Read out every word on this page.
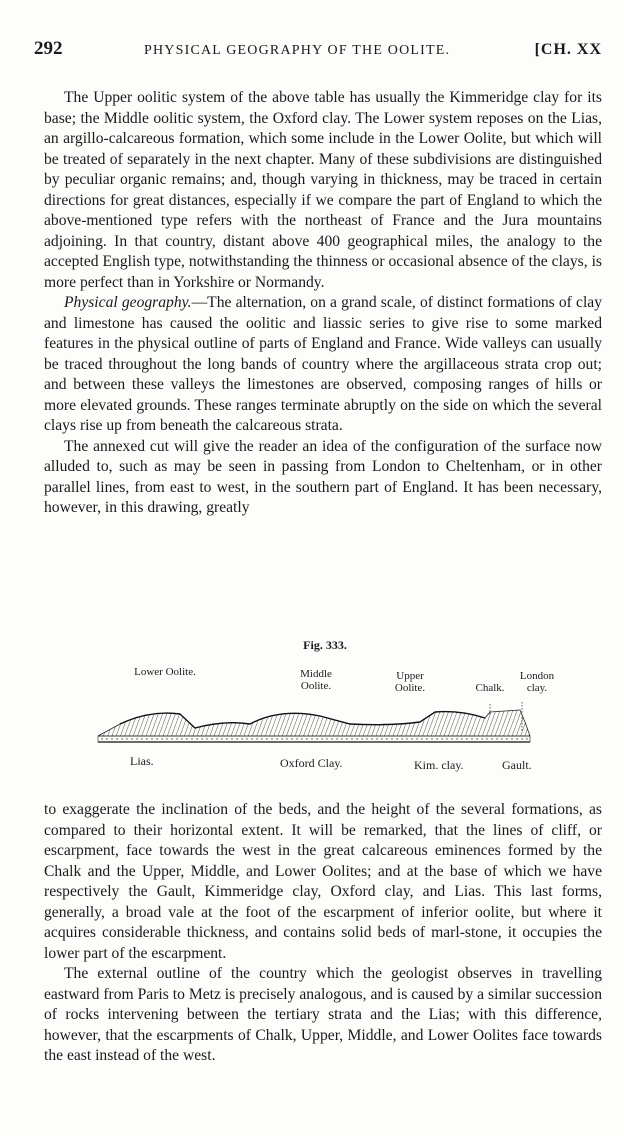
292	PHYSICAL GEOGRAPHY OF THE OOLITE.	[CH. XX

The Upper oolitic system of the above table has usually the Kimmeridge clay for its base; the Middle oolitic system, the Oxford clay. The Lower system reposes on the Lias, an argillo-calcareous formation, which some include in the Lower Oolite, but which will be treated of separately in the next chapter. Many of these subdivisions are distinguished by peculiar organic remains; and, though varying in thickness, may be traced in certain directions for great distances, especially if we compare the part of England to which the above-mentioned type refers with the northeast of France and the Jura mountains adjoining. In that country, distant above 400 geographical miles, the analogy to the accepted English type, notwithstanding the thinness or occasional absence of the clays, is more perfect than in Yorkshire or Normandy.

Physical geography.—The alternation, on a grand scale, of distinct formations of clay and limestone has caused the oolitic and liassic series to give rise to some marked features in the physical outline of parts of England and France. Wide valleys can usually be traced throughout the long bands of country where the argillaceous strata crop out; and between these valleys the limestones are observed, composing ranges of hills or more elevated grounds. These ranges terminate abruptly on the side on which the several clays rise up from beneath the calcareous strata.

The annexed cut will give the reader an idea of the configuration of the surface now alluded to, such as may be seen in passing from London to Cheltenham, or in other parallel lines, from east to west, in the southern part of England. It has been necessary, however, in this drawing, greatly

Fig. 333.
Lower Oolite.	Middle Oolite.
Upper Oolite.	Chalk.
London clay.
Lias.	Oxford Clay.	Kim. clay.	Gault.

to exaggerate the inclination of the beds, and the height of the several formations, as compared to their horizontal extent. It will be remarked, that the lines of cliff, or escarpment, face towards the west in the great calcareous eminences formed by the Chalk and the Upper, Middle, and Lower Oolites; and at the base of which we have respectively the Gault, Kimmeridge clay, Oxford clay, and Lias. This last forms, generally, a broad vale at the foot of the escarpment of inferior oolite, but where it acquires considerable thickness, and contains solid beds of marl-stone, it occupies the lower part of the escarpment.

The external outline of the country which the geologist observes in travelling eastward from Paris to Metz is precisely analogous, and is caused by a similar succession of rocks intervening between the tertiary strata and the Lias; with this difference, however, that the escarpments of Chalk, Upper, Middle, and Lower Oolites face towards the east instead of the west.
